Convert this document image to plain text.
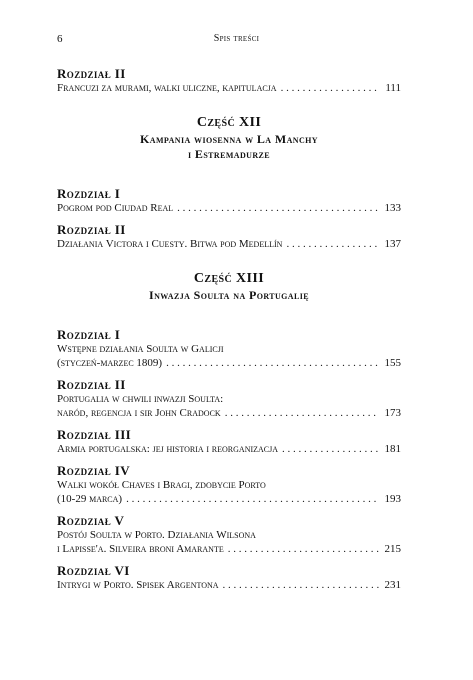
6	Spis treści
Rozdział II
Francuzi za murami, walki uliczne, kapitulacja . . .	111
Część XII
Kampania wiosenna w La Manchy
i Estremadurze
Rozdział I
Pogrom pod Ciudad Real . . .	133
Rozdział II
Działania Victora i Cuesty. Bitwa pod Medellín . . .	137
Część XIII
Inwazja Soulta na Portugalię
Rozdział I
Wstępne działania Soulta w Galicji
(styczeń-marzec 1809) . . .	155
Rozdział II
Portugalia w chwili inwazji Soulta:
naród, regencja i sir John Cradock . . .	173
Rozdział III
Armia portugalska: jej historia i reorganizacja . . .	181
Rozdział IV
Walki wokół Chaves i Bragi, zdobycie Porto
(10-29 marca) . . .	193
Rozdział V
Postój Soulta w Porto. Działania Wilsona
i Lapisse'a. Silveira broni Amarante . . .	215
Rozdział VI
Intrygi w Porto. Spisek Argentona . . .	231
